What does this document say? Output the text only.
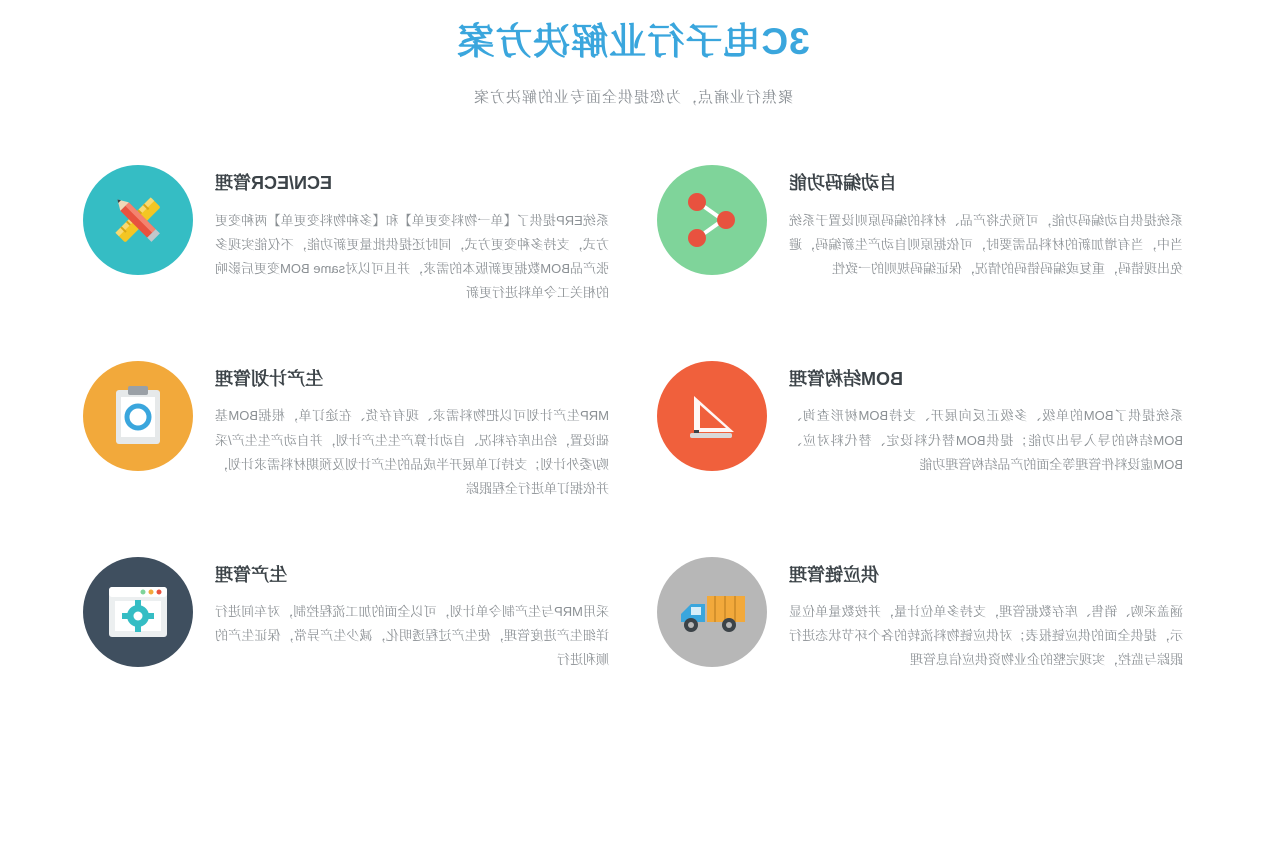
3C电子行业解决方案
聚焦行业痛点，为您提供全面专业的解决方案
自动编码功能
系统提供自动编码功能，可预先将产品、材料的编码原则设置于系统当中，当有增加新的材料品需要时，可依据原则自动产生新编码，避免出现错码，重复或编码错码的情况，保证编码规则的一致性
ECN/ECR管理
系统ERP提供了【单一物料变更单】和【多种物料变更单】两种变更方式，支持多种变更方式，同时还提供批量更新功能，不仅能实现多张产品BOM数据更新版本的需求，并且可以对same BOM变更后影响的相关工令单料进行更新
BOM结构管理
系统提供了BOM的单级、多级正反向展开、支持BOM树形查询、BOM结构的导入导出功能；提供BOM替代料设定、替代料对应、BOM虚设料件管理等全面的产品结构管理功能
生产计划管理
MRP生产计划可以把物料需求、现有存货、在途订单，根据BOM基础设置，给出库存料况、自动计算产生生产计划，并自动产生生产/采购/委外计划；支持订单展开半成品的生产计划及预期材料需求计划，并依据订单进行全程跟踪
供应链管理
涵盖采购、销售、库存数据管理，支持多单位计量，并按数量单位显示，提供全面的供应链报表；对供应链物料流转的各个环节状态进行跟踪与监控，实现完整的企业物资供应信息管理
生产管理
采用MRP与生产制令单计划，可以全面的加工流程控制，对车间进行详细生产进度管理，使生产过程透明化，减少生产异常，保证生产的顺利进行
